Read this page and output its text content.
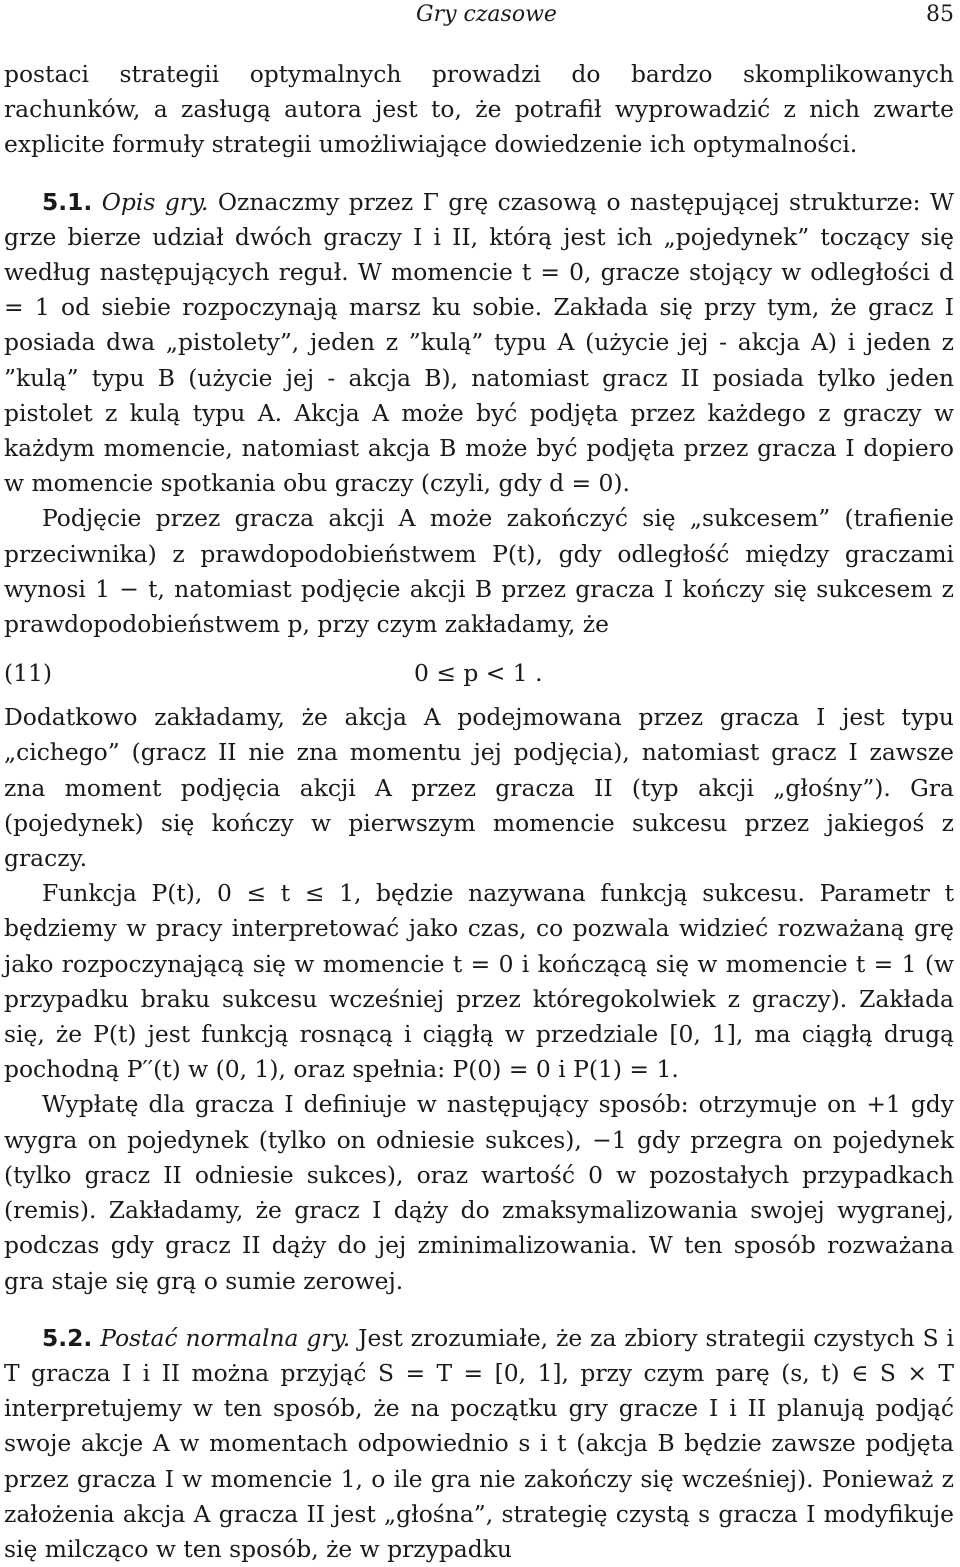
Gry czasowe	85

postaci strategii optymalnych prowadzi do bardzo skomplikowanych rachunków, a zasługą autora jest to, że potrafił wyprowadzić z nich zwarte explicite formuły strategii umożliwiające dowiedzenie ich optymalności.

5.1. Opis gry. Oznaczmy przez Γ grę czasową o następującej strukturze: W grze bierze udział dwóch graczy I i II, którą jest ich „pojedynek” toczący się według następujących reguł. W momencie t = 0, gracze stojący w odległości d = 1 od siebie rozpoczynają marsz ku sobie. Zakłada się przy tym, że gracz I posiada dwa „pistolety”, jeden z ”kulą” typu A (użycie jej - akcja A) i jeden z ”kulą” typu B (użycie jej - akcja B), natomiast gracz II posiada tylko jeden pistolet z kulą typu A. Akcja A może być podjęta przez każdego z graczy w każdym momencie, natomiast akcja B może być podjęta przez gracza I dopiero w momencie spotkania obu graczy (czyli, gdy d = 0).

Podjęcie przez gracza akcji A może zakończyć się „sukcesem” (trafienie przeciwnika) z prawdopodobieństwem P(t), gdy odległość między graczami wynosi 1 − t, natomiast podjęcie akcji B przez gracza I kończy się sukcesem z prawdopodobieństwem p, przy czym zakładamy, że

(11)	0 ≤ p < 1 .

Dodatkowo zakładamy, że akcja A podejmowana przez gracza I jest typu „cichego” (gracz II nie zna momentu jej podjęcia), natomiast gracz I zawsze zna moment podjęcia akcji A przez gracza II (typ akcji „głośny”). Gra (pojedynek) się kończy w pierwszym momencie sukcesu przez jakiegoś z graczy.

Funkcja P(t), 0 ≤ t ≤ 1, będzie nazywana funkcją sukcesu. Parametr t będziemy w pracy interpretować jako czas, co pozwala widzieć rozważaną grę jako rozpoczynającą się w momencie t = 0 i kończącą się w momencie t = 1 (w przypadku braku sukcesu wcześniej przez któregokolwiek z graczy). Zakłada się, że P(t) jest funkcją rosnącą i ciągłą w przedziale [0, 1], ma ciągłą drugą pochodną P′′(t) w (0, 1), oraz spełnia: P(0) = 0 i P(1) = 1.

Wypłatę dla gracza I definiuje w następujący sposób: otrzymuje on +1 gdy wygra on pojedynek (tylko on odniesie sukces), −1 gdy przegra on pojedynek (tylko gracz II odniesie sukces), oraz wartość 0 w pozostałych przypadkach (remis). Zakładamy, że gracz I dąży do zmaksymalizowania swojej wygranej, podczas gdy gracz II dąży do jej zminimalizowania. W ten sposób rozważana gra staje się grą o sumie zerowej.

5.2. Postać normalna gry. Jest zrozumiałe, że za zbiory strategii czystych S i T gracza I i II można przyjąć S = T = [0, 1], przy czym parę (s, t) ∈ S × T interpretujemy w ten sposób, że na początku gry gracze I i II planują podjąć swoje akcje A w momentach odpowiednio s i t (akcja B będzie zawsze podjęta przez gracza I w momencie 1, o ile gra nie zakończy się wcześniej). Ponieważ z założenia akcja A gracza II jest „głośna”, strategię czystą s gracza I modyfikuje się milcząco w ten sposób, że w przypadku
